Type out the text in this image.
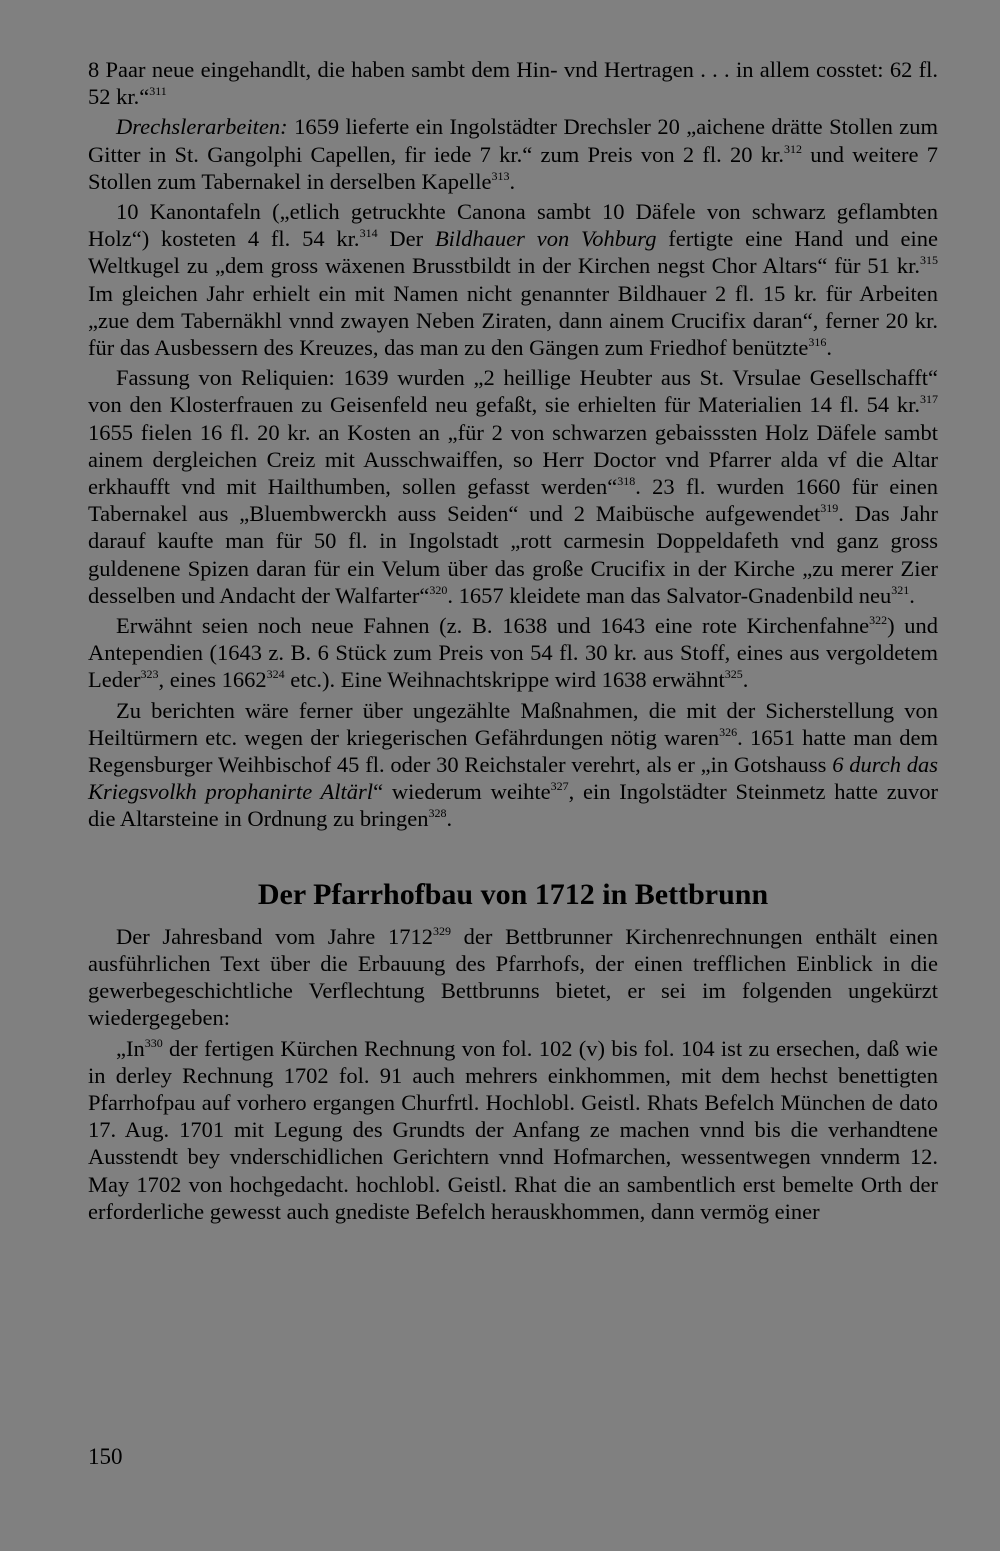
8 Paar neue eingehandlt, die haben sambt dem Hin- vnd Hertragen . . . in allem cosstet: 62 fl. 52 kr.“$^{311}$

Drechslerarbeiten: 1659 lieferte ein Ingolstädter Drechsler 20 „aichene drätte Stollen zum Gitter in St. Gangolphi Capellen, fir iede 7 kr.“ zum Preis von 2 fl. 20 kr.$^{312}$ und weitere 7 Stollen zum Tabernakel in derselben Kapelle$^{313}$.

10 Kanontafeln („etlich getruckhte Canona sambt 10 Däfele von schwarz geflambten Holz“) kosteten 4 fl. 54 kr.$^{314}$ Der Bildhauer von Vohburg fertigte eine Hand und eine Weltkugel zu „dem gross wäxenen Brusstbildt in der Kirchen negst Chor Altars“ für 51 kr.$^{315}$ Im gleichen Jahr erhielt ein mit Namen nicht genannter Bildhauer 2 fl. 15 kr. für Arbeiten „zue dem Tabernäkhl vnnd zwayen Neben Ziraten, dann ainem Crucifix daran“, ferner 20 kr. für das Ausbessern des Kreuzes, das man zu den Gängen zum Friedhof benützte$^{316}$.

Fassung von Reliquien: 1639 wurden „2 heillige Heubter aus St. Vrsulae Gesellschafft“ von den Klosterfrauen zu Geisenfeld neu gefaßt, sie erhielten für Materialien 14 fl. 54 kr.$^{317}$ 1655 fielen 16 fl. 20 kr. an Kosten an „für 2 von schwarzen gebaisssten Holz Däfele sambt ainem dergleichen Creiz mit Ausschwaiffen, so Herr Doctor vnd Pfarrer alda vf die Altar erkhaufft vnd mit Hailthumben, sollen gefasst werden“$^{318}$. 23 fl. wurden 1660 für einen Tabernakel aus „Bluembwerckh auss Seiden“ und 2 Maibüsche aufgewendet$^{319}$. Das Jahr darauf kaufte man für 50 fl. in Ingolstadt „rott carmesin Doppeldafeth vnd ganz gross guldenene Spizen daran für ein Velum über das große Crucifix in der Kirche „zu merer Zier desselben und Andacht der Walfarter“$^{320}$. 1657 kleidete man das Salvator-Gnadenbild neu$^{321}$.

Erwähnt seien noch neue Fahnen (z. B. 1638 und 1643 eine rote Kirchenfahne$^{322}$) und Antependien (1643 z. B. 6 Stück zum Preis von 54 fl. 30 kr. aus Stoff, eines aus vergoldetem Leder$^{323}$, eines 1662$^{324}$ etc.). Eine Weihnachtskrippe wird 1638 erwähnt$^{325}$.

Zu berichten wäre ferner über ungezählte Maßnahmen, die mit der Sicherstellung von Heiltürmern etc. wegen der kriegerischen Gefährdungen nötig waren$^{326}$. 1651 hatte man dem Regensburger Weihbischof 45 fl. oder 30 Reichstaler verehrt, als er „in Gotshauss 6 durch das Kriegsvolkh prophanirte Altärl“ wiederum weihte$^{327}$, ein Ingolstädter Steinmetz hatte zuvor die Altarsteine in Ordnung zu bringen$^{328}$.

Der Pfarrhofbau von 1712 in Bettbrunn

Der Jahresband vom Jahre 1712$^{329}$ der Bettbrunner Kirchenrechnungen enthält einen ausführlichen Text über die Erbauung des Pfarrhofs, der einen trefflichen Einblick in die gewerbegeschichtliche Verflechtung Bettbrunns bietet, er sei im folgenden ungekürzt wiedergegeben:

„In$^{330}$ der fertigen Kürchen Rechnung von fol. 102 (v) bis fol. 104 ist zu ersechen, daß wie in derley Rechnung 1702 fol. 91 auch mehrers einkhommen, mit dem hechst benettigten Pfarrhofpau auf vorhero ergangen Churfrtl. Hochlobl. Geistl. Rhats Befelch München de dato 17. Aug. 1701 mit Legung des Grundts der Anfang ze machen vnnd bis die verhandtene Ausstendt bey vnderschidlichen Gerichtern vnnd Hofmarchen, wessentwegen vnnderm 12. May 1702 von hochgedacht. hochlobl. Geistl. Rhat die an sambentlich erst bemelte Orth der erforderliche gewesst auch gnediste Befelch herauskhommen, dann vermög einer

150
